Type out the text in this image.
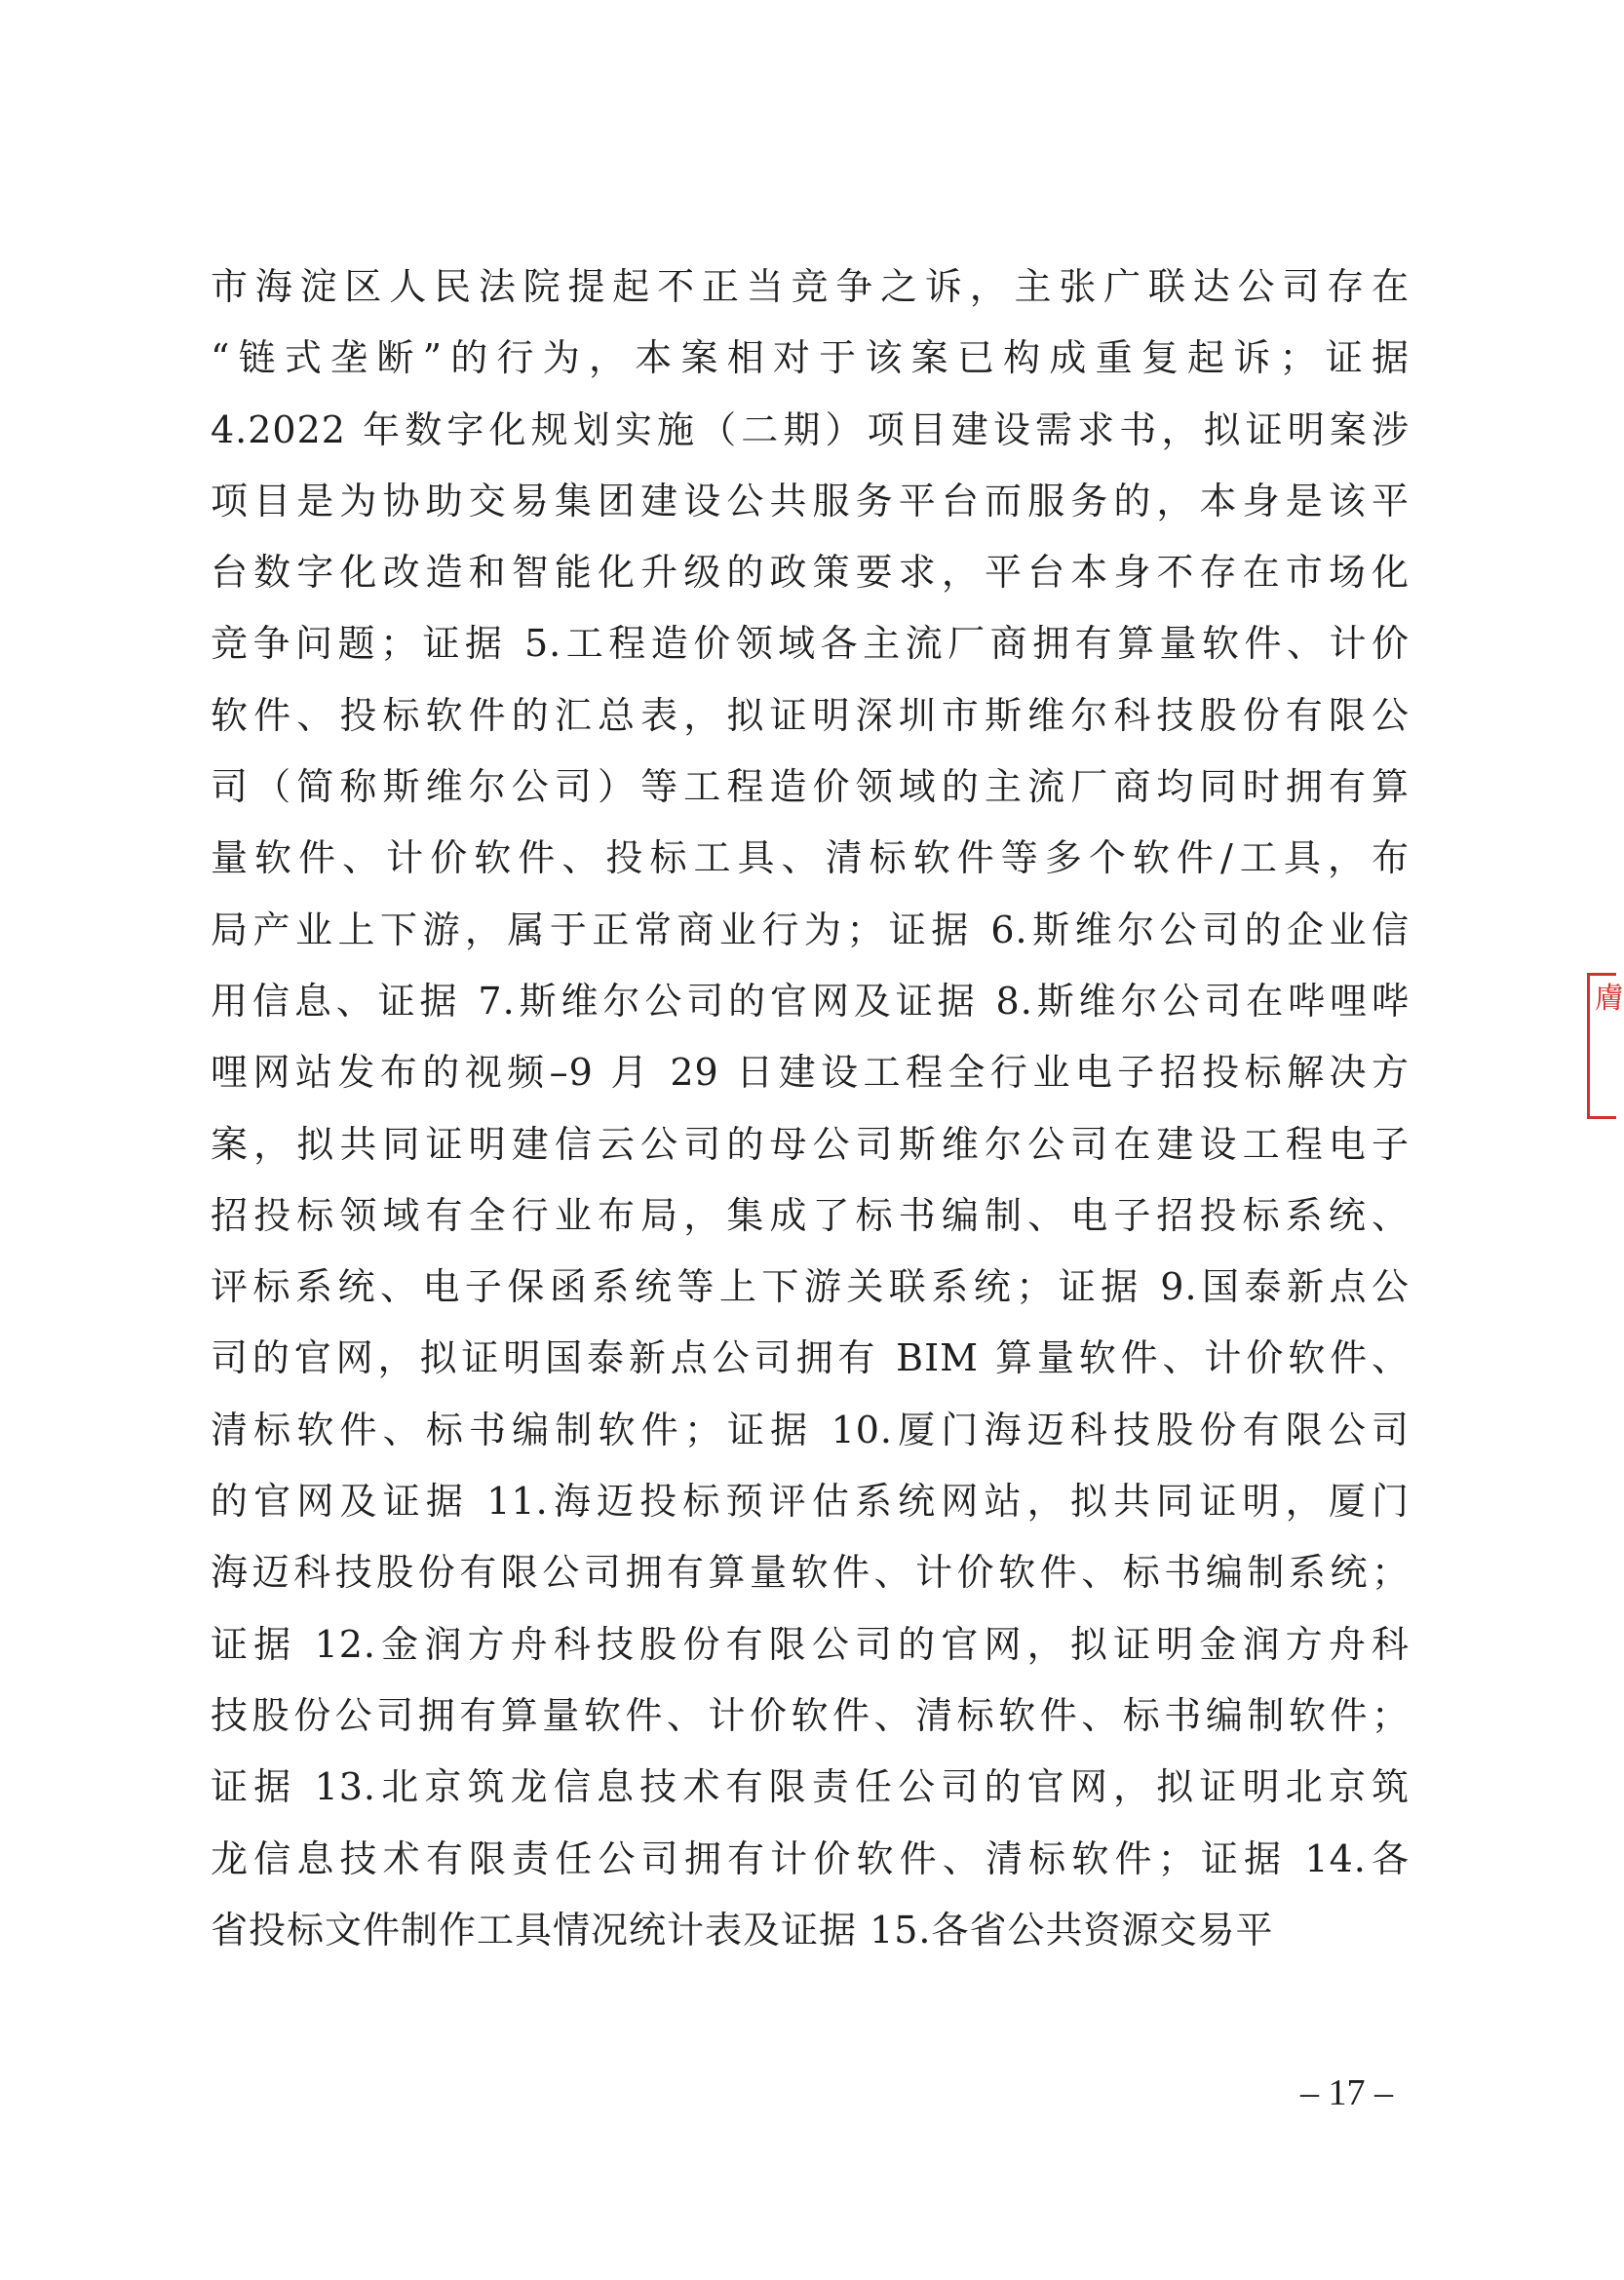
市海淀区人民法院提起不正当竞争之诉，主张广联达公司存在
“链式垄断”的行为，本案相对于该案已构成重复起诉；证据
4.2022 年数字化规划实施（二期）项目建设需求书，拟证明案涉
项目是为协助交易集团建设公共服务平台而服务的，本身是该平
台数字化改造和智能化升级的政策要求，平台本身不存在市场化
竞争问题；证据 5.工程造价领域各主流厂商拥有算量软件、计价
软件、投标软件的汇总表，拟证明深圳市斯维尔科技股份有限公
司（简称斯维尔公司）等工程造价领域的主流厂商均同时拥有算
量软件、计价软件、投标工具、清标软件等多个软件/工具，布
局产业上下游，属于正常商业行为；证据 6.斯维尔公司的企业信
用信息、证据 7.斯维尔公司的官网及证据 8.斯维尔公司在哔哩哔
哩网站发布的视频–9 月 29 日建设工程全行业电子招投标解决方
案，拟共同证明建信云公司的母公司斯维尔公司在建设工程电子
招投标领域有全行业布局，集成了标书编制、电子招投标系统、
评标系统、电子保函系统等上下游关联系统；证据 9.国泰新点公
司的官网，拟证明国泰新点公司拥有 BIM 算量软件、计价软件、
清标软件、标书编制软件；证据 10.厦门海迈科技股份有限公司
的官网及证据 11.海迈投标预评估系统网站，拟共同证明，厦门
海迈科技股份有限公司拥有算量软件、计价软件、标书编制系统；
证据 12.金润方舟科技股份有限公司的官网，拟证明金润方舟科
技股份公司拥有算量软件、计价软件、清标软件、标书编制软件；
证据 13.北京筑龙信息技术有限责任公司的官网，拟证明北京筑
龙信息技术有限责任公司拥有计价软件、清标软件；证据 14.各
省投标文件制作工具情况统计表及证据 15.各省公共资源交易平
– 17 –
膚
